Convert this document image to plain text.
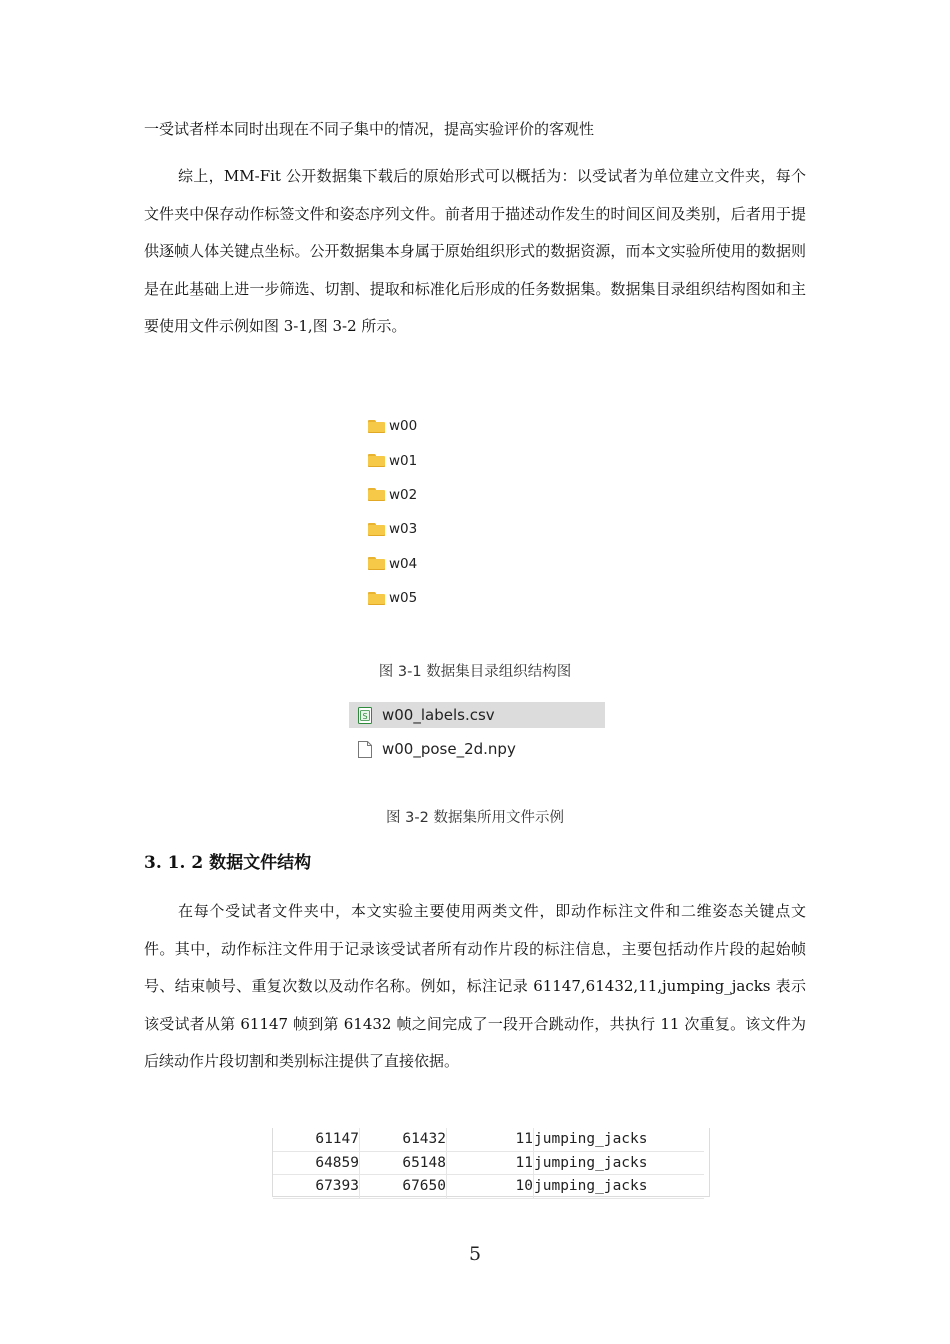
一受试者样本同时出现在不同子集中的情况，提高实验评价的客观性

综上，MM-Fit 公开数据集下载后的原始形式可以概括为：以受试者为单位建立文件夹，每个文件夹中保存动作标签文件和姿态序列文件。前者用于描述动作发生的时间区间及类别，后者用于提供逐帧人体关键点坐标。公开数据集本身属于原始组织形式的数据资源，而本文实验所使用的数据则是在此基础上进一步筛选、切割、提取和标准化后形成的任务数据集。数据集目录组织结构图如和主要使用文件示例如图 3-1,图 3-2 所示。

w00
w01
w02
w03
w04
w05
图 3-1 数据集目录组织结构图
S w00_labels.csv
w00_pose_2d.npy
图 3-2 数据集所用文件示例
3. 1. 2 数据文件结构

在每个受试者文件夹中，本文实验主要使用两类文件，即动作标注文件和二维姿态关键点文件。其中，动作标注文件用于记录该受试者所有动作片段的标注信息，主要包括动作片段的起始帧号、结束帧号、重复次数以及动作名称。例如，标注记录 61147,61432,11,jumping_jacks 表示该受试者从第 61147 帧到第 61432 帧之间完成了一段开合跳动作，共执行 11 次重复。该文件为后续动作片段切割和类别标注提供了直接依据。

61147	61432	11	jumping_jacks
64859	65148	11	jumping_jacks
67393	67650	10	jumping_jacks
5
